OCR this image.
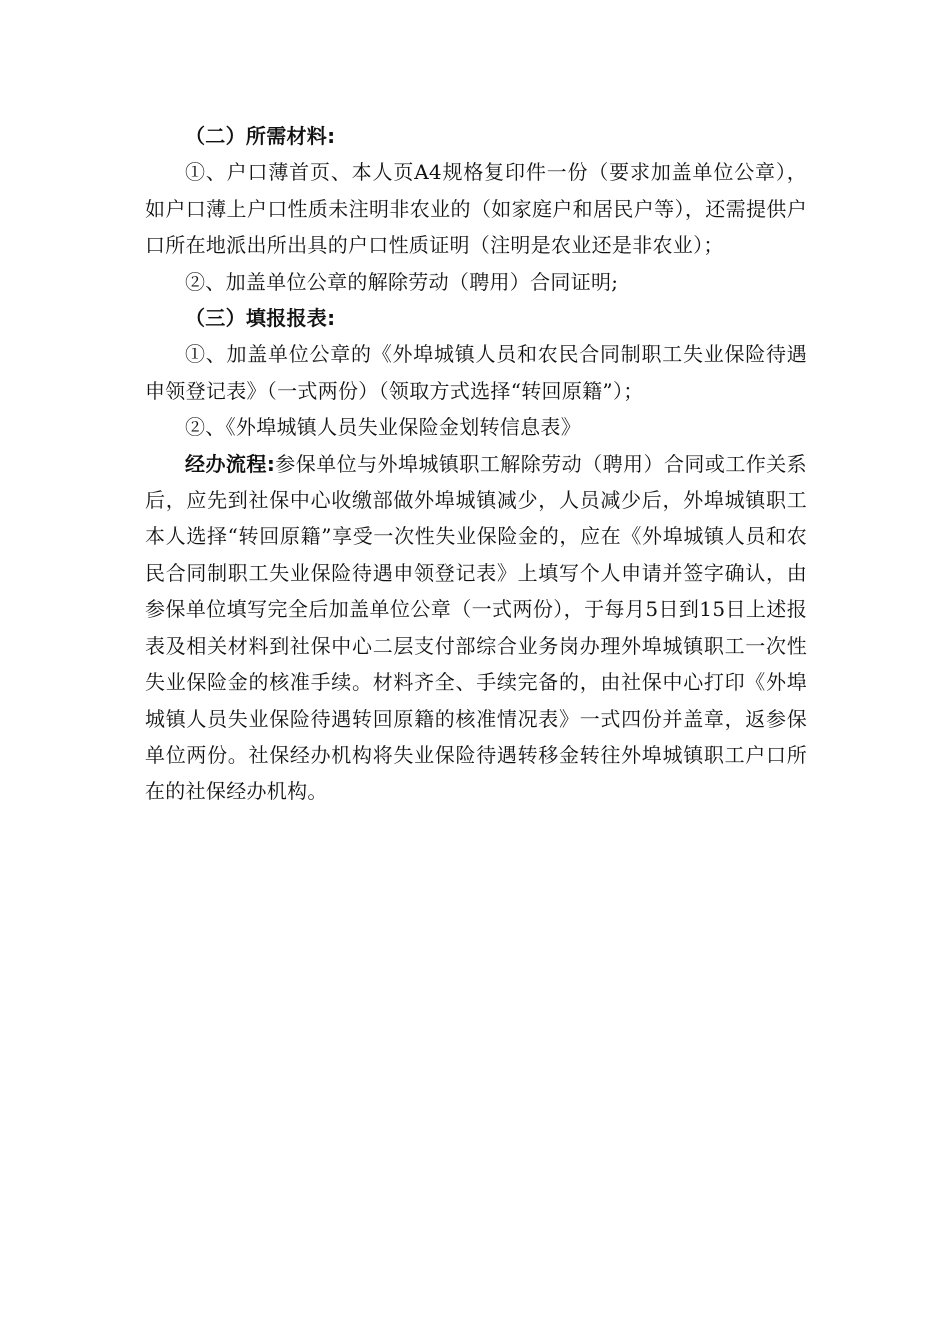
（二）所需材料:

①、户口薄首页、本人页A4规格复印件一份（要求加盖单位公章），如户口薄上户口性质未注明非农业的（如家庭户和居民户等），还需提供户口所在地派出所出具的户口性质证明（注明是农业还是非农业）；

②、加盖单位公章的解除劳动（聘用）合同证明;

（三）填报报表:

①、加盖单位公章的《外埠城镇人员和农民合同制职工失业保险待遇申领登记表》（一式两份）（领取方式选择“转回原籍”）；

②、《外埠城镇人员失业保险金划转信息表》

经办流程:参保单位与外埠城镇职工解除劳动（聘用）合同或工作关系后，应先到社保中心收缴部做外埠城镇减少，人员减少后，外埠城镇职工本人选择“转回原籍”享受一次性失业保险金的，应在《外埠城镇人员和农民合同制职工失业保险待遇申领登记表》上填写个人申请并签字确认，由参保单位填写完全后加盖单位公章（一式两份），于每月5日到15日上述报表及相关材料到社保中心二层支付部综合业务岗办理外埠城镇职工一次性失业保险金的核准手续。材料齐全、手续完备的，由社保中心打印《外埠城镇人员失业保险待遇转回原籍的核准情况表》一式四份并盖章，返参保单位两份。社保经办机构将失业保险待遇转移金转往外埠城镇职工户口所在的社保经办机构。
